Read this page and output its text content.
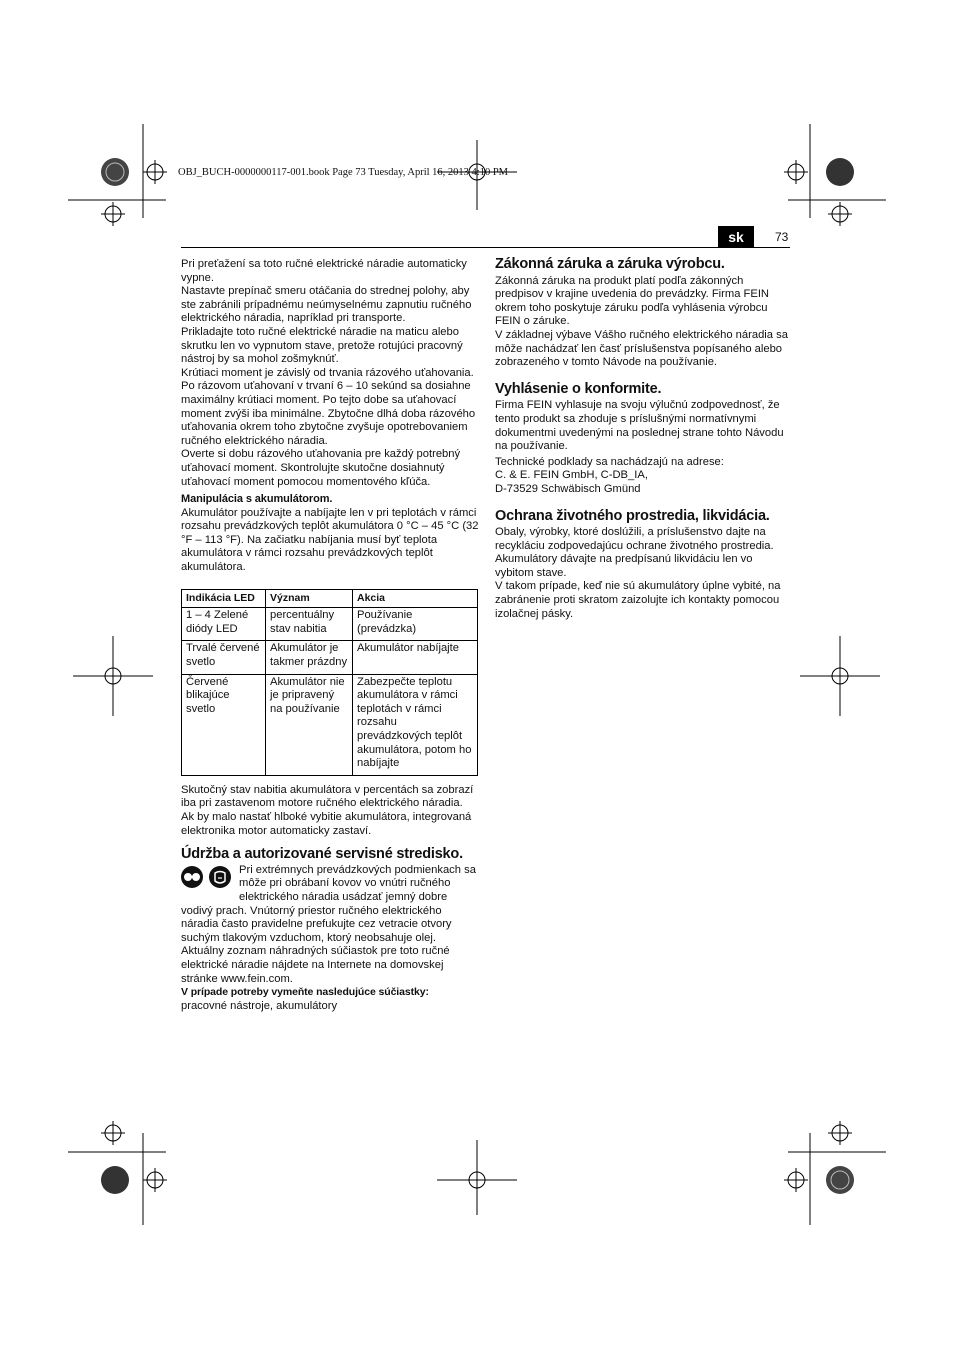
OBJ_BUCH-0000000117-001.book Page 73 Tuesday, April 16, 2013 4:10 PM
sk	73

Pri preťažení sa toto ručné elektrické náradie automaticky vypne.

Nastavte prepínač smeru otáčania do strednej polohy, aby ste zabránili prípadnému neúmyselnému zapnutiu ručného elektrického náradia, napríklad pri transporte.

Prikladajte toto ručné elektrické náradie na maticu alebo skrutku len vo vypnutom stave, pretože rotujúci pracovný nástroj by sa mohol zošmyknúť.

Krútiaci moment je závislý od trvania rázového uťahovania. Po rázovom uťahovaní v trvaní 6 – 10 sekúnd sa dosiahne maximálny krútiaci moment. Po tejto dobe sa uťahovací moment zvýši iba minimálne. Zbytočne dlhá doba rázového uťahovania okrem toho zbytočne zvyšuje opotrebovaniem ručného elektrického náradia.

Overte si dobu rázového uťahovania pre každý potrebný uťahovací moment. Skontrolujte skutočne dosiahnutý uťahovací moment pomocou momentového kľúča.

Manipulácia s akumulátorom.

Akumulátor používajte a nabíjajte len v pri teplotách v rámci rozsahu prevádzkových teplôt akumulátora 0 °C – 45 °C (32 °F – 113 °F). Na začiatku nabíjania musí byť teplota akumulátora v rámci rozsahu prevádzkových teplôt akumulátora.

Indikácia LED	Význam	Akcia
1 – 4 Zelené diódy LED	percentuálny stav nabitia	Používanie (prevádzka)
Trvalé červené svetlo	Akumulátor je takmer prázdny	Akumulátor nabíjajte
Červené blikajúce svetlo	Akumulátor nie je pripravený na používanie	Zabezpečte teplotu akumulátora v rámci teplotách v rámci rozsahu prevádzkových teplôt akumulátora, potom ho nabíjajte

Skutočný stav nabitia akumulátora v percentách sa zobrazí iba pri zastavenom motore ručného elektrického náradia.

Ak by malo nastať hlboké vybitie akumulátora, integrovaná elektronika motor automaticky zastaví.

Údržba a autorizované servisné stredisko.

Pri extrémnych prevádzkových podmienkach sa môže pri obrábaní kovov vo vnútri ručného elektrického náradia usádzať jemný dobre vodivý prach. Vnútorný priestor ručného elektrického náradia často pravidelne prefukujte cez vetracie otvory suchým tlakovým vzduchom, ktorý neobsahuje olej.

Aktuálny zoznam náhradných súčiastok pre toto ručné elektrické náradie nájdete na Internete na domovskej stránke www.fein.com.

V prípade potreby vymeňte nasledujúce súčiastky:

pracovné nástroje, akumulátory

Zákonná záruka a záruka výrobcu.

Zákonná záruka na produkt platí podľa zákonných predpisov v krajine uvedenia do prevádzky. Firma FEIN okrem toho poskytuje záruku podľa vyhlásenia výrobcu FEIN o záruke.

V základnej výbave Vášho ručného elektrického náradia sa môže nachádzať len časť príslušenstva popísaného alebo zobrazeného v tomto Návode na používanie.

Vyhlásenie o konformite.

Firma FEIN vyhlasuje na svoju výlučnú zodpovednosť, že tento produkt sa zhoduje s príslušnými normatívnymi dokumentmi uvedenými na poslednej strane tohto Návodu na používanie.

Technické podklady sa nachádzajú na adrese:

C. & E. FEIN GmbH, C-DB_IA,

D-73529 Schwäbisch Gmünd

Ochrana životného prostredia, likvidácia.

Obaly, výrobky, ktoré doslúžili, a príslušenstvo dajte na recykláciu zodpovedajúcu ochrane životného prostredia.

Akumulátory dávajte na predpísanú likvidáciu len vo vybitom stave.

V takom prípade, keď nie sú akumulátory úplne vybité, na zabránenie proti skratom zaizolujte ich kontakty pomocou izolačnej pásky.
